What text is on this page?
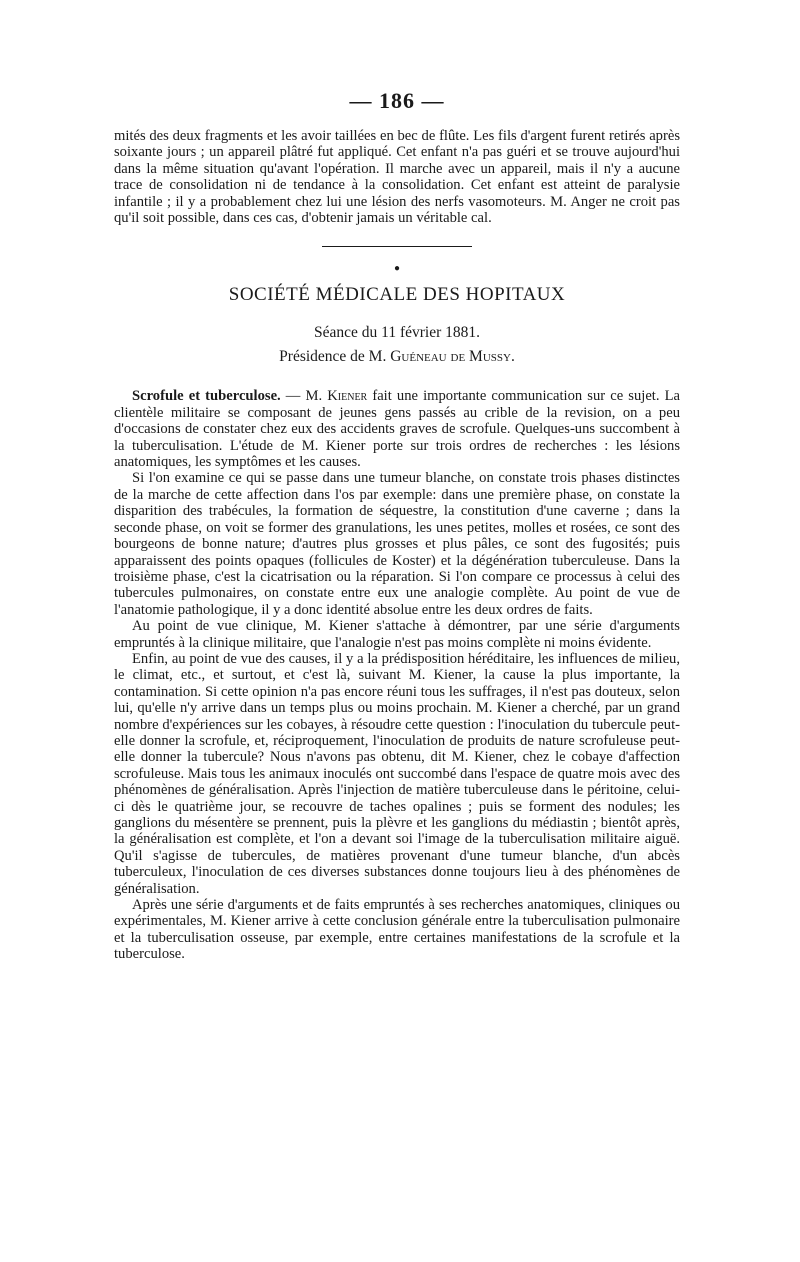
— 186 —

mités des deux fragments et les avoir taillées en bec de flûte. Les fils d'argent furent retirés après soixante jours ; un appareil plâtré fut appliqué. Cet enfant n'a pas guéri et se trouve aujourd'hui dans la même situation qu'avant l'opération. Il marche avec un appareil, mais il n'y a aucune trace de consolidation ni de tendance à la consolidation. Cet enfant est atteint de paralysie infantile ; il y a probablement chez lui une lésion des nerfs vasomoteurs. M. Anger ne croit pas qu'il soit possible, dans ces cas, d'obtenir jamais un véritable cal.

●
SOCIÉTÉ MÉDICALE DES HOPITAUX
Séance du 11 février 1881.
Présidence de M. Guéneau de Mussy.

Scrofule et tuberculose. — M. Kiener fait une importante communication sur ce sujet. La clientèle militaire se composant de jeunes gens passés au crible de la revision, on a peu d'occasions de constater chez eux des accidents graves de scrofule. Quelques-uns succombent à la tuberculisation. L'étude de M. Kiener porte sur trois ordres de recherches : les lésions anatomiques, les symptômes et les causes.

Si l'on examine ce qui se passe dans une tumeur blanche, on constate trois phases distinctes de la marche de cette affection dans l'os par exemple: dans une première phase, on constate la disparition des trabécules, la formation de séquestre, la constitution d'une caverne ; dans la seconde phase, on voit se former des granulations, les unes petites, molles et rosées, ce sont des bourgeons de bonne nature; d'autres plus grosses et plus pâles, ce sont des fugosités; puis apparaissent des points opaques (follicules de Koster) et la dégénération tuberculeuse. Dans la troisième phase, c'est la cicatrisation ou la réparation. Si l'on compare ce processus à celui des tubercules pulmonaires, on constate entre eux une analogie complète. Au point de vue de l'anatomie pathologique, il y a donc identité absolue entre les deux ordres de faits.

Au point de vue clinique, M. Kiener s'attache à démontrer, par une série d'arguments empruntés à la clinique militaire, que l'analogie n'est pas moins complète ni moins évidente.

Enfin, au point de vue des causes, il y a la prédisposition héréditaire, les influences de milieu, le climat, etc., et surtout, et c'est là, suivant M. Kiener, la cause la plus importante, la contamination. Si cette opinion n'a pas encore réuni tous les suffrages, il n'est pas douteux, selon lui, qu'elle n'y arrive dans un temps plus ou moins prochain. M. Kiener a cherché, par un grand nombre d'expériences sur les cobayes, à résoudre cette question : l'inoculation du tubercule peut-elle donner la scrofule, et, réciproquement, l'inoculation de produits de nature scrofuleuse peut-elle donner la tubercule? Nous n'avons pas obtenu, dit M. Kiener, chez le cobaye d'affection scrofuleuse. Mais tous les animaux inoculés ont succombé dans l'espace de quatre mois avec des phénomènes de généralisation. Après l'injection de matière tuberculeuse dans le péritoine, celui-ci dès le quatrième jour, se recouvre de taches opalines ; puis se forment des nodules; les ganglions du mésentère se prennent, puis la plèvre et les ganglions du médiastin ; bientôt après, la généralisation est complète, et l'on a devant soi l'image de la tuberculisation militaire aiguë. Qu'il s'agisse de tubercules, de matières provenant d'une tumeur blanche, d'un abcès tuberculeux, l'inoculation de ces diverses substances donne toujours lieu à des phénomènes de généralisation.

Après une série d'arguments et de faits empruntés à ses recherches anatomiques, cliniques ou expérimentales, M. Kiener arrive à cette conclusion générale entre la tuberculisation pulmonaire et la tuberculisation osseuse, par exemple, entre certaines manifestations de la scrofule et la tuberculose.
